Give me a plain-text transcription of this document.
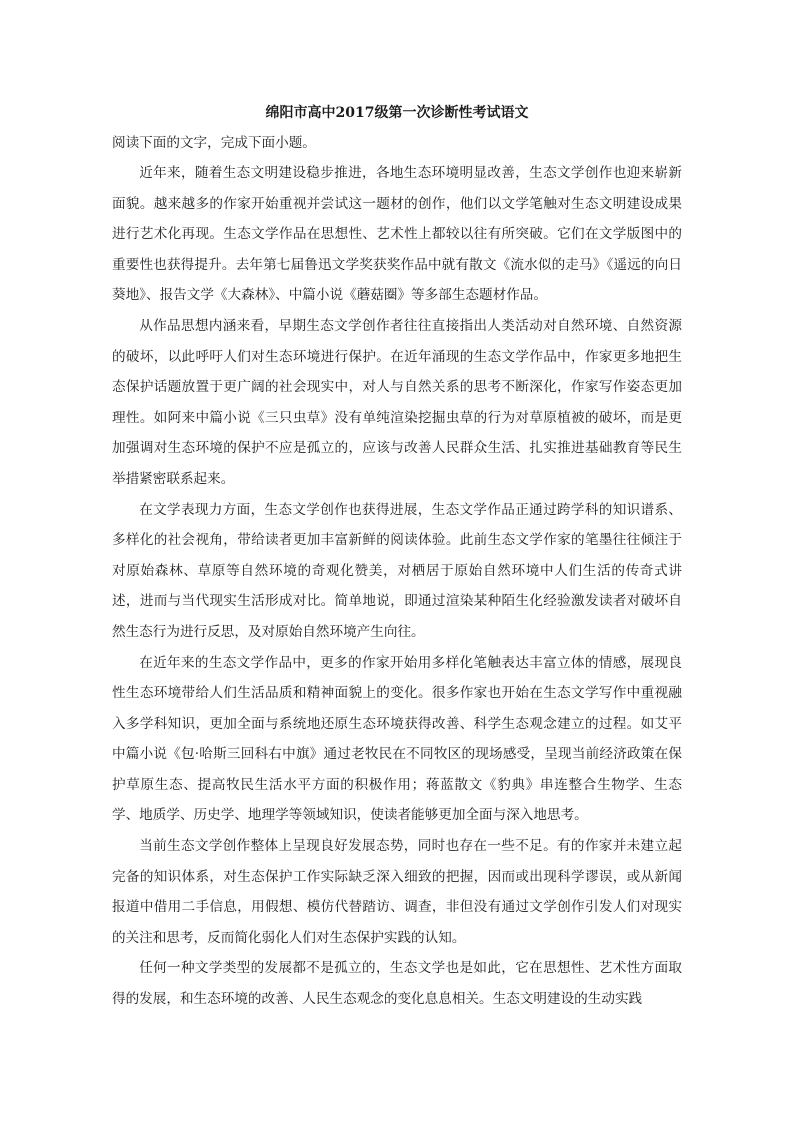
绵阳市高中2017级第一次诊断性考试语文

阅读下面的文字，完成下面小题。

近年来，随着生态文明建设稳步推进，各地生态环境明显改善，生态文学创作也迎来崭新面貌。越来越多的作家开始重视并尝试这一题材的创作，他们以文学笔触对生态文明建设成果进行艺术化再现。生态文学作品在思想性、艺术性上都较以往有所突破。它们在文学版图中的重要性也获得提升。去年第七届鲁迅文学奖获奖作品中就有散文《流水似的走马》《遥远的向日葵地》、报告文学《大森林》、中篇小说《蘑菇圈》等多部生态题材作品。

从作品思想内涵来看，早期生态文学创作者往往直接指出人类活动对自然环境、自然资源的破坏，以此呼吁人们对生态环境进行保护。在近年涌现的生态文学作品中，作家更多地把生态保护话题放置于更广阔的社会现实中，对人与自然关系的思考不断深化，作家写作姿态更加理性。如阿来中篇小说《三只虫草》没有单纯渲染挖掘虫草的行为对草原植被的破坏，而是更加强调对生态环境的保护不应是孤立的，应该与改善人民群众生活、扎实推进基础教育等民生举措紧密联系起来。

在文学表现力方面，生态文学创作也获得进展，生态文学作品正通过跨学科的知识谱系、多样化的社会视角，带给读者更加丰富新鲜的阅读体验。此前生态文学作家的笔墨往往倾注于对原始森林、草原等自然环境的奇观化赞美，对栖居于原始自然环境中人们生活的传奇式讲述，进而与当代现实生活形成对比。简单地说，即通过渲染某种陌生化经验激发读者对破坏自然生态行为进行反思，及对原始自然环境产生向往。

在近年来的生态文学作品中，更多的作家开始用多样化笔触表达丰富立体的情感，展现良性生态环境带给人们生活品质和精神面貌上的变化。很多作家也开始在生态文学写作中重视融入多学科知识，更加全面与系统地还原生态环境获得改善、科学生态观念建立的过程。如艾平中篇小说《包·哈斯三回科右中旗》通过老牧民在不同牧区的现场感受，呈现当前经济政策在保护草原生态、提高牧民生活水平方面的积极作用；蒋蓝散文《豹典》串连整合生物学、生态学、地质学、历史学、地理学等领域知识，使读者能够更加全面与深入地思考。

当前生态文学创作整体上呈现良好发展态势，同时也存在一些不足。有的作家并未建立起完备的知识体系，对生态保护工作实际缺乏深入细致的把握，因而或出现科学谬误，或从新闻报道中借用二手信息，用假想、模仿代替踏访、调查，非但没有通过文学创作引发人们对现实的关注和思考，反而简化弱化人们对生态保护实践的认知。

任何一种文学类型的发展都不是孤立的，生态文学也是如此，它在思想性、艺术性方面取得的发展，和生态环境的改善、人民生态观念的变化息息相关。生态文明建设的生动实践
